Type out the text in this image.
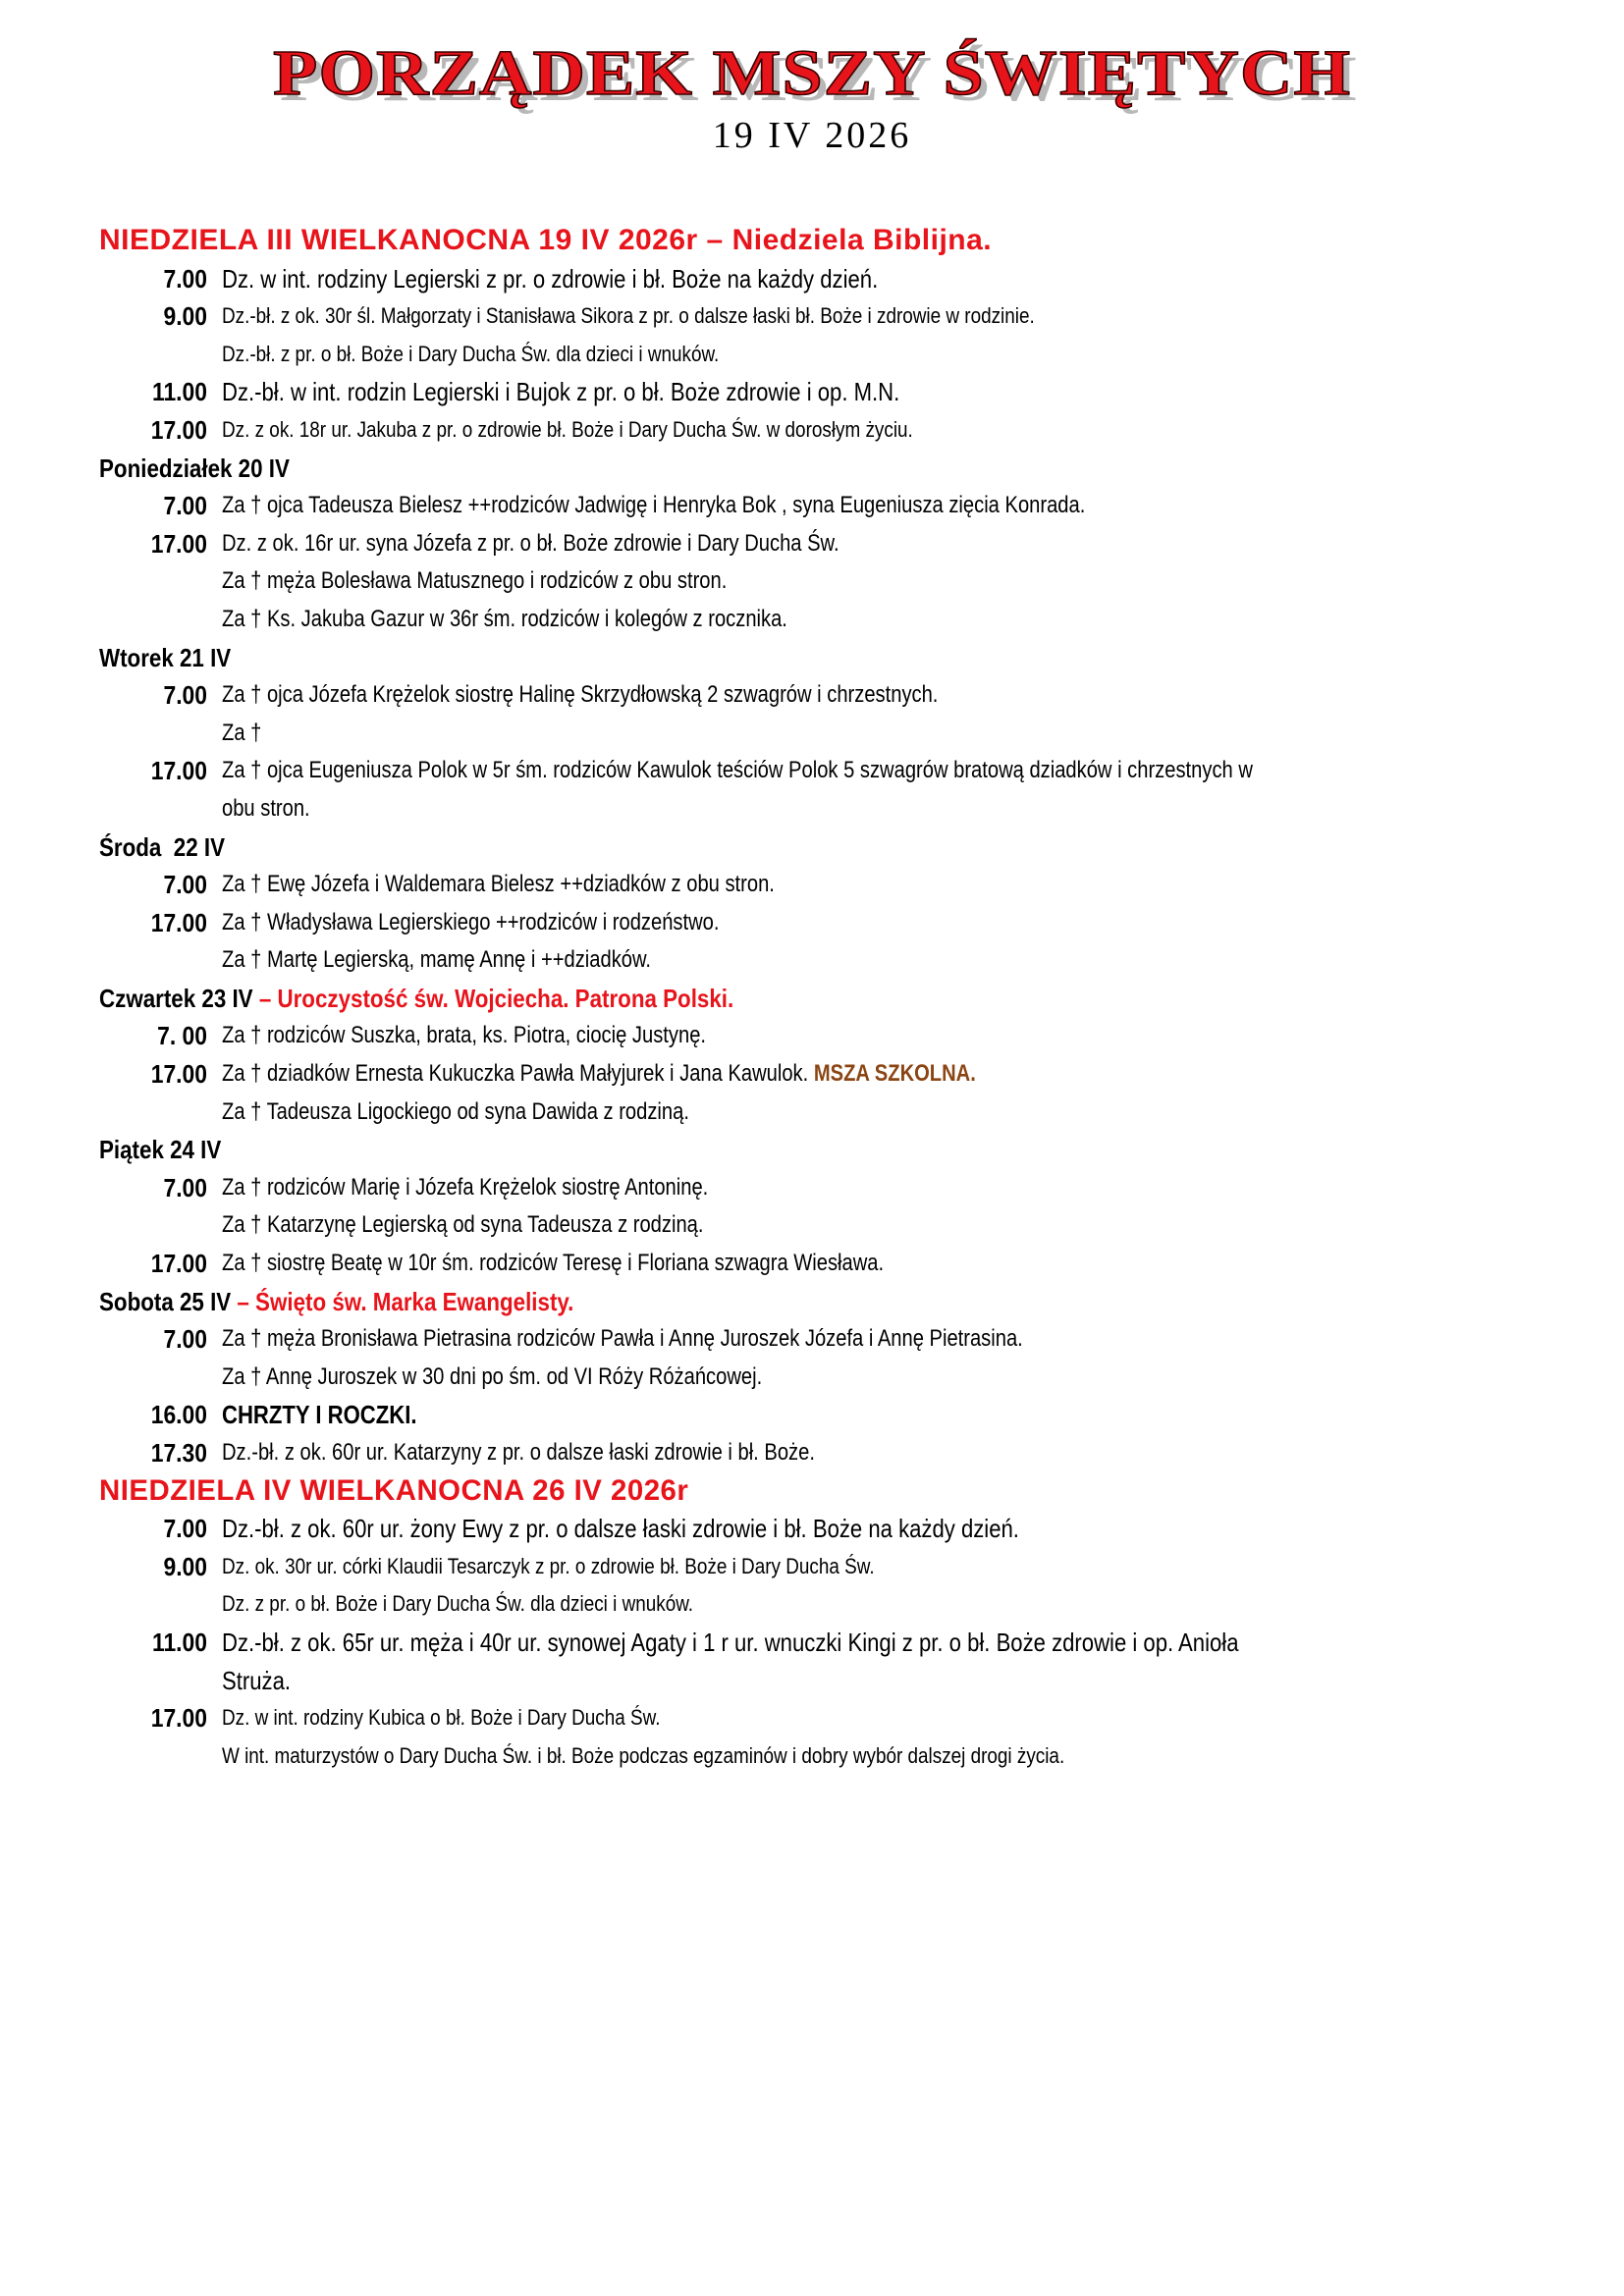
PORZĄDEK MSZY ŚWIĘTYCH
19 IV 2026
NIEDZIELA III WIELKANOCNA 19 IV 2026r – Niedziela Biblijna.
7.00 Dz. w int. rodziny Legierski z pr. o zdrowie i bł. Boże na każdy dzień.
9.00 Dz.-bł. z ok. 30r śl. Małgorzaty i Stanisława Sikora z pr. o dalsze łaski bł. Boże i zdrowie w rodzinie.
Dz.-bł. z pr. o bł. Boże i Dary Ducha Św. dla dzieci i wnuków.
11.00 Dz.-bł. w int. rodzin Legierski i Bujok z pr. o bł. Boże zdrowie i op. M.N.
17.00 Dz. z ok. 18r ur. Jakuba z pr. o zdrowie bł. Boże i Dary Ducha Św. w dorosłym życiu.
Poniedziałek 20 IV
7.00 Za † ojca Tadeusza Bielesz ++rodziców Jadwigę i Henryka Bok , syna Eugeniusza zięcia Konrada.
17.00 Dz. z ok. 16r ur. syna Józefa z pr. o bł. Boże zdrowie i Dary Ducha Św.
Za † męża Bolesława Matusznego i rodziców z obu stron.
Za † Ks. Jakuba Gazur w 36r śm. rodziców i kolegów z rocznika.
Wtorek 21 IV
7.00 Za † ojca Józefa Krężelok siostrę Halinę Skrzydłowską 2 szwagrów i chrzestnych.
Za †
17.00 Za † ojca Eugeniusza Polok w 5r śm. rodziców Kawulok teściów Polok 5 szwagrów bratową dziadków i chrzestnych w
obu stron.
Środa  22 IV
7.00 Za † Ewę Józefa i Waldemara Bielesz ++dziadków z obu stron.
17.00 Za † Władysława Legierskiego ++rodziców i rodzeństwo.
Za † Martę Legierską, mamę Annę i ++dziadków.
Czwartek 23 IV – Uroczystość św. Wojciecha. Patrona Polski.
7. 00 Za † rodziców Suszka, brata, ks. Piotra, ciocię Justynę.
17.00 Za † dziadków Ernesta Kukuczka Pawła Małyjurek i Jana Kawulok. MSZA SZKOLNA.
Za † Tadeusza Ligockiego od syna Dawida z rodziną.
Piątek 24 IV
7.00 Za † rodziców Marię i Józefa Krężelok siostrę Antoninę.
Za † Katarzynę Legierską od syna Tadeusza z rodziną.
17.00 Za † siostrę Beatę w 10r śm. rodziców Teresę i Floriana szwagra Wiesława.
Sobota 25 IV – Święto św. Marka Ewangelisty.
7.00 Za † męża Bronisława Pietrasina rodziców Pawła i Annę Juroszek Józefa i Annę Pietrasina.
Za † Annę Juroszek w 30 dni po śm. od VI Róży Różańcowej.
16.00 CHRZTY I ROCZKI.
17.30 Dz.-bł. z ok. 60r ur. Katarzyny z pr. o dalsze łaski zdrowie i bł. Boże.
NIEDZIELA IV WIELKANOCNA 26 IV 2026r
7.00 Dz.-bł. z ok. 60r ur. żony Ewy z pr. o dalsze łaski zdrowie i bł. Boże na każdy dzień.
9.00 Dz. ok. 30r ur. córki Klaudii Tesarczyk z pr. o zdrowie bł. Boże i Dary Ducha Św.
Dz. z pr. o bł. Boże i Dary Ducha Św. dla dzieci i wnuków.
11.00 Dz.-bł. z ok. 65r ur. męża i 40r ur. synowej Agaty i 1 r ur. wnuczki Kingi z pr. o bł. Boże zdrowie i op. Anioła
Struża.
17.00 Dz. w int. rodziny Kubica o bł. Boże i Dary Ducha Św.
W int. maturzystów o Dary Ducha Św. i bł. Boże podczas egzaminów i dobry wybór dalszej drogi życia.
